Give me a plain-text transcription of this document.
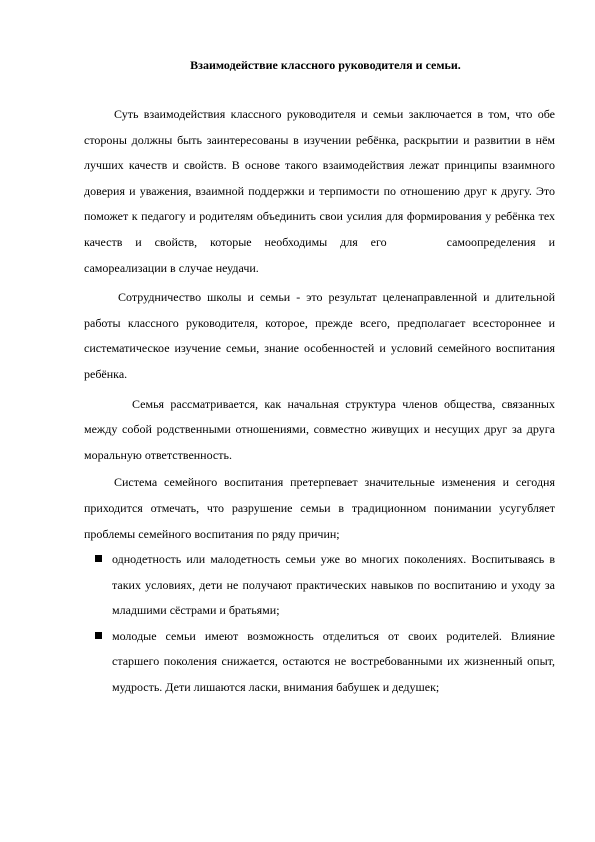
Взаимодействие классного руководителя и семьи.

Суть взаимодействия классного руководителя и семьи заключается в том, что обе стороны должны быть заинтересованы в изучении ребёнка, раскрытии и развитии в нём лучших качеств и свойств. В основе такого взаимодействия лежат принципы взаимного доверия и уважения, взаимной поддержки и терпимости по отношению друг к другу. Это поможет к педагогу и родителям объединить свои усилия для формирования у ребёнка тех качеств и свойств, которые необходимы для его	самоопределения и самореализации в случае неудачи.

Сотрудничество школы и семьи - это результат целенаправленной и длительной работы классного руководителя, которое, прежде всего, предполагает всестороннее и систематическое изучение семьи, знание особенностей и условий семейного воспитания ребёнка.

Семья рассматривается, как начальная структура членов общества, связанных между собой родственными отношениями, совместно живущих и несущих друг за друга моральную ответственность.

Система семейного воспитания претерпевает значительные изменения и сегодня приходится отмечать, что разрушение семьи в традиционном понимании усугубляет проблемы семейного воспитания по ряду причин;

однодетность или малодетность семьи уже во многих поколениях. Воспитываясь в таких условиях, дети не получают практических навыков по воспитанию и уходу за младшими сёстрами и братьями;
молодые семьи имеют возможность отделиться от своих родителей. Влияние старшего поколения снижается, остаются не востребованными их жизненный опыт, мудрость. Дети лишаются ласки, внимания бабушек и дедушек;
